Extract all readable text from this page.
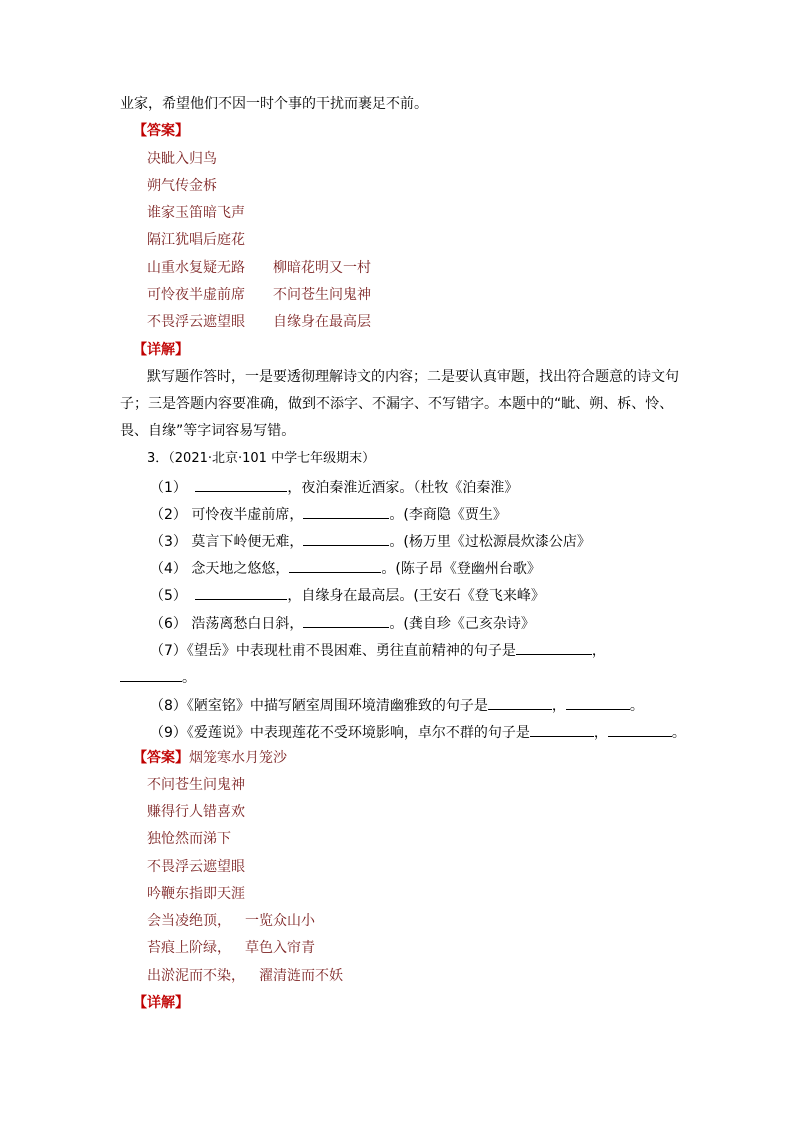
业家，希望他们不因一时个事的干扰而裹足不前。
【答案】
决眦入归鸟
朔气传金柝
谁家玉笛暗飞声
隔江犹唱后庭花
山重水复疑无路 柳暗花明又一村
可怜夜半虚前席 不问苍生问鬼神
不畏浮云遮望眼 自缘身在最高层
【详解】
默写题作答时，一是要透彻理解诗文的内容；二是要认真审题，找出符合题意的诗文句
子；三是答题内容要准确，做到不添字、不漏字、不写错字。本题中的“眦、朔、柝、怜、
畏、自缘”等字词容易写错。
3．（2021·北京·101 中学七年级期末）
（1）	，夜泊秦淮近酒家。（杜牧《泊秦淮》
（2） 可怜夜半虚前席，	。(李商隐《贾生》
（3） 莫言下岭便无难，	。(杨万里《过松源晨炊漆公店》
（4） 念天地之悠悠，	。(陈子昂《登幽州台歌》
（5）	，自缘身在最高层。(王安石《登飞来峰》
（6） 浩荡离愁白日斜，	。(龚自珍《己亥杂诗》
（7）《望岳》中表现杜甫不畏困难、勇往直前精神的句子是	，
。
（8）《陋室铭》中描写陋室周围环境清幽雅致的句子是	，	。
（9）《爱莲说》中表现莲花不受环境影响，卓尔不群的句子是	，	。
【答案】烟笼寒水月笼沙
不问苍生问鬼神
赚得行人错喜欢
独怆然而涕下
不畏浮云遮望眼
吟鞭东指即天涯
会当凌绝顶， 一览众山小
苔痕上阶绿， 草色入帘青
出淤泥而不染， 濯清涟而不妖
【详解】
